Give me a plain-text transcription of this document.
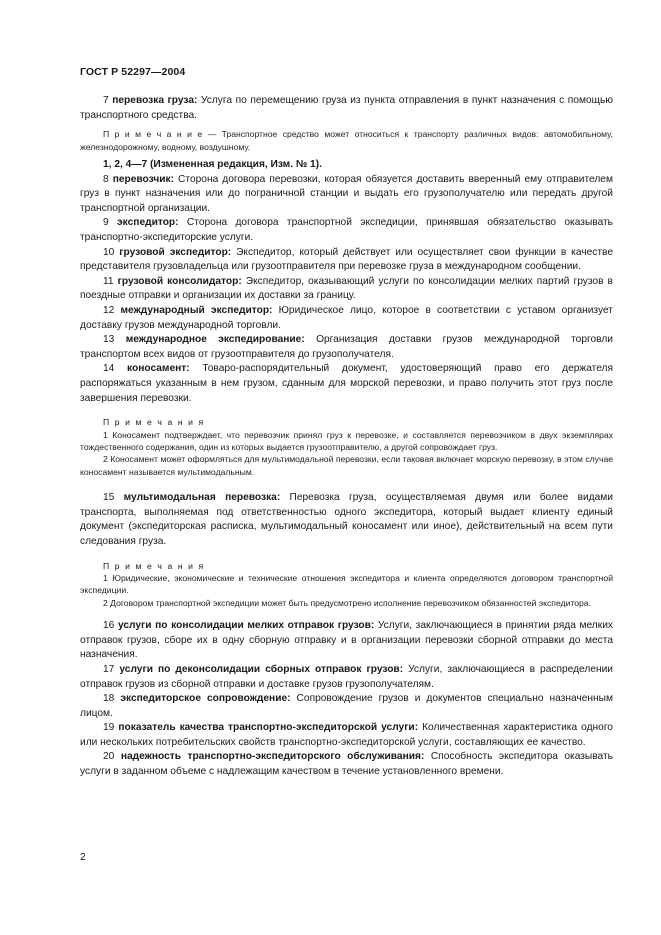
ГОСТ Р 52297—2004

7 перевозка груза: Услуга по перемещению груза из пункта отправления в пункт назначения с помощью транспортного средства.

П р и м е ч а н и е — Транспортное средство может относиться к транспорту различных видов: автомобильному, железнодорожному, водному, воздушному.

1, 2, 4—7 (Измененная редакция, Изм. № 1).

8 перевозчик: Сторона договора перевозки, которая обязуется доставить вверенный ему отправителем груз в пункт назначения или до пограничной станции и выдать его грузополучателю или передать другой транспортной организации.

9 экспедитор: Сторона договора транспортной экспедиции, принявшая обязательство оказывать транспортно-экспедиторские услуги.

10 грузовой экспедитор: Экспедитор, который действует или осуществляет свои функции в качестве представителя грузовладельца или грузоотправителя при перевозке груза в международном сообщении.

11 грузовой консолидатор: Экспедитор, оказывающий услуги по консолидации мелких партий грузов в поездные отправки и организации их доставки за границу.

12 международный экспедитор: Юридическое лицо, которое в соответствии с уставом организует доставку грузов международной торговли.

13 международное экспедирование: Организация доставки грузов международной торговли транспортом всех видов от грузоотправителя до грузополучателя.

14 коносамент: Товаро-распорядительный документ, удостоверяющий право его держателя распоряжаться указанным в нем грузом, сданным для морской перевозки, и право получить этот груз после завершения перевозки.

П р и м е ч а н и я

1 Коносамент подтверждает, что перевозчик принял груз к перевозке, и составляется перевозчиком в двух экземплярах тождественного содержания, один из которых выдается грузоотправителю, а другой сопровождает груз.

2 Коносамент может оформляться для мультимодальной перевозки, если таковая включает морскую перевозку, в этом случае коносамент называется мультимодальным.

15 мультимодальная перевозка: Перевозка груза, осуществляемая двумя или более видами транспорта, выполняемая под ответственностью одного экспедитора, который выдает клиенту единый документ (экспедиторская расписка, мультимодальный коносамент или иное), действительный на всем пути следования груза.

П р и м е ч а н и я

1 Юридические, экономические и технические отношения экспедитора и клиента определяются договором транспортной экспедиции.

2 Договором транспортной экспедиции может быть предусмотрено исполнение перевозчиком обязанностей экспедитора.

16 услуги по консолидации мелких отправок грузов: Услуги, заключающиеся в принятии ряда мелких отправок грузов, сборе их в одну сборную отправку и в организации перевозки сборной отправки до места назначения.

17 услуги по деконсолидации сборных отправок грузов: Услуги, заключающиеся в распределении отправок грузов из сборной отправки и доставке грузов грузополучателям.

18 экспедиторское сопровождение: Сопровождение грузов и документов специально назначенным лицом.

19 показатель качества транспортно-экспедиторской услуги: Количественная характеристика одного или нескольких потребительских свойств транспортно-экспедиторской услуги, составляющих ее качество.

20 надежность транспортно-экспедиторского обслуживания: Способность экспедитора оказывать услуги в заданном объеме с надлежащим качеством в течение установленного времени.

2
